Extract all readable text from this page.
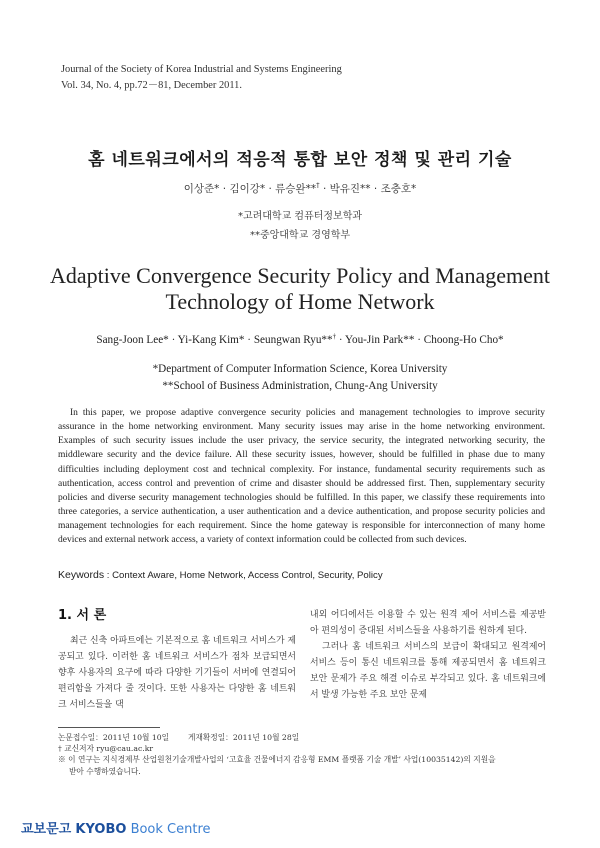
Journal of the Society of Korea Industrial and Systems Engineering
Vol. 34, No. 4, pp.72－81, December 2011.
홈 네트워크에서의 적응적 통합 보안 정책 및 관리 기술
이상준* · 김이강* · 류승완**† · 박유진** · 조충호*
*고려대학교 컴퓨터정보학과
**중앙대학교 경영학부
Adaptive Convergence Security Policy and Management
Technology of Home Network
Sang-Joon Lee* · Yi-Kang Kim* · Seungwan Ryu**† · You-Jin Park** · Choong-Ho Cho*
*Department of Computer Information Science, Korea University
**School of Business Administration, Chung-Ang University
In this paper, we propose adaptive convergence security policies and management technologies to improve security assurance in the home networking environment. Many security issues may arise in the home networking environment. Examples of such security issues include the user privacy, the service security, the integrated networking security, the middleware security and the device failure. All these security issues, however, should be fulfilled in phase due to many difficulties including deployment cost and technical complexity. For instance, fundamental security requirements such as authentication, access control and prevention of crime and disaster should be addressed first. Then, supplementary security policies and diverse security management technologies should be fulfilled. In this paper, we classify these requirements into three categories, a service authentication, a user authentication and a device authentication, and propose security policies and management technologies for each requirement. Since the home gateway is responsible for interconnection of many home devices and external network access, a variety of context information could be collected from such devices.
Keywords : Context Aware, Home Network, Access Control, Security, Policy
1. 서 론
최근 신축 아파트에는 기본적으로 홈 네트워크 서비스가 제공되고 있다. 이러한 홈 네트워크 서비스가 점차 보급되면서 향후 사용자의 요구에 따라 다양한 기기들이 서버에 연결되어 편리함을 가져다 줄 것이다. 또한 사용자는 다양한 홈 네트워크 서비스들을 댁

내외 어디에서든 이용할 수 있는 원격 제어 서비스를 제공받아 편의성이 증대된 서비스들을 사용하기를 원하게 된다.

그러나 홈 네트워크 서비스의 보급이 확대되고 원격제어 서비스 등이 통신 네트워크를 통해 제공되면서 홈 네트워크 보안 문제가 주요 해결 이슈로 부각되고 있다. 홈 네트워크에서 발생 가능한 주요 보안 문제

논문접수일：2011년 10월 10일 게재확정일：2011년 10월 28일
† 교신저자 ryu@cau.ac.kr
※ 이 연구는 지식경제부 산업원천기술개발사업의 ‘고효율 건물에너지 감응형 EMM 플랫폼 기술 개발’ 사업(10035142)의 지원을
받아 수행하였습니다.
교보문고 KYOBO Book Centre
